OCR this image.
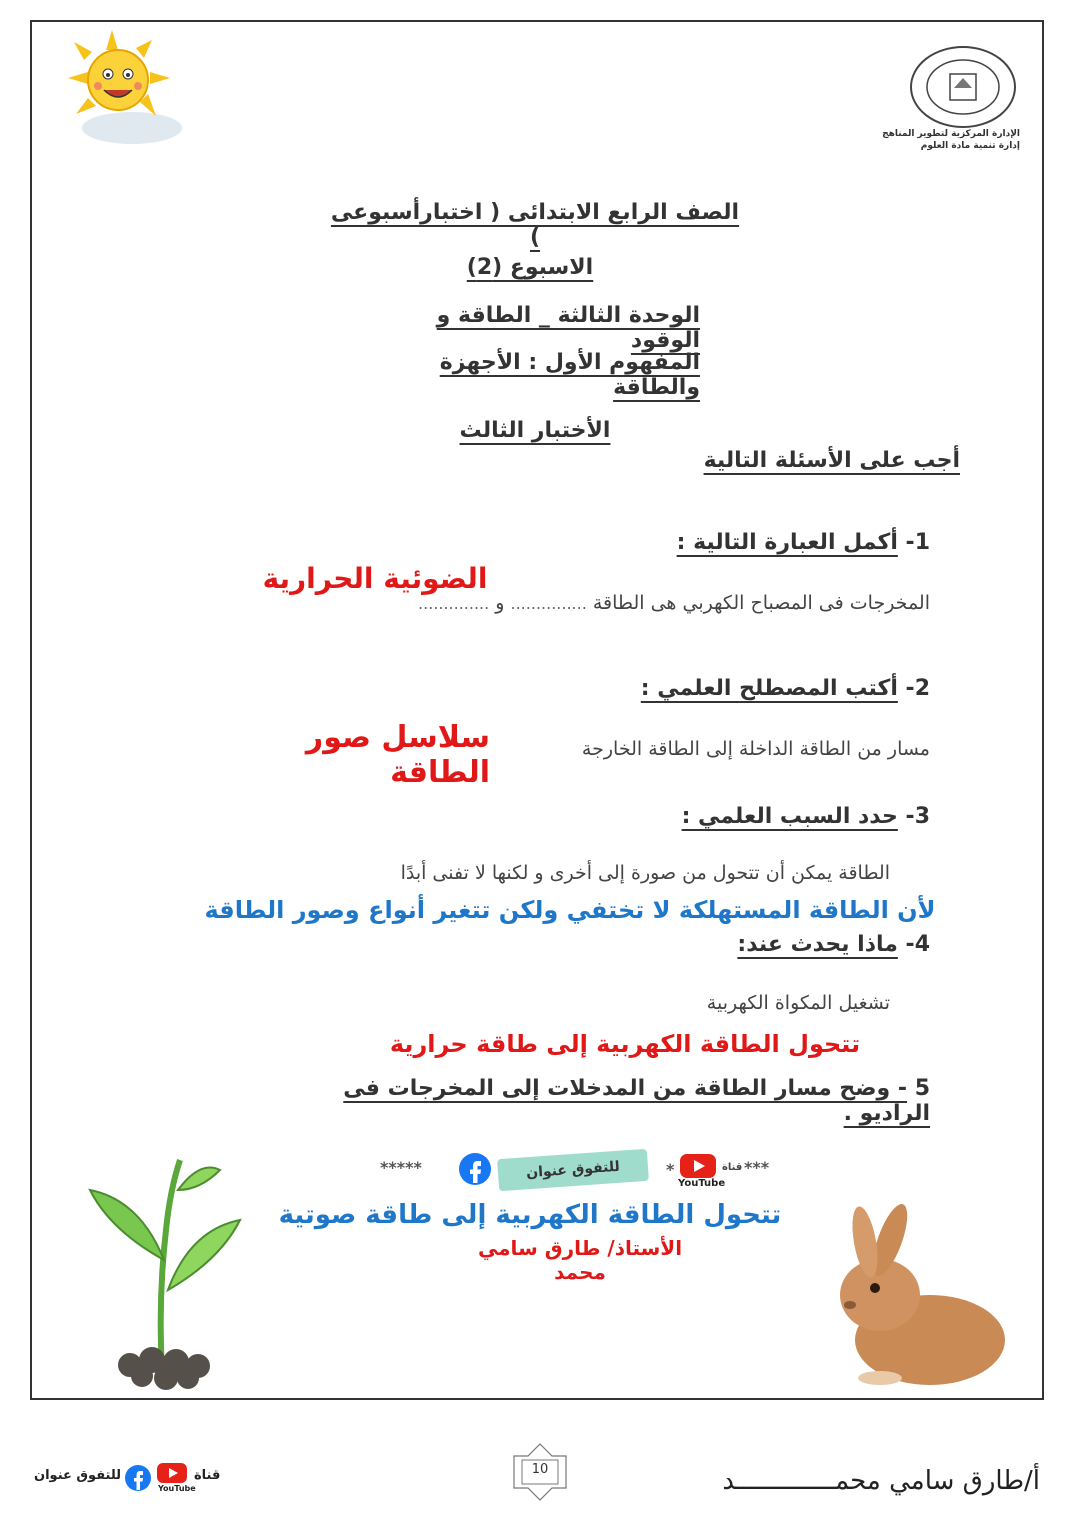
الإدارة المركزية لتطوير المناهج
إدارة تنمية مادة العلوم
الصف الرابع الابتدائى ( اختبارأسبوعى )
الاسبوع (2)
الوحدة الثالثة _ الطاقة و الوقود
المفهوم الأول : الأجهزة والطاقة
الأختبار الثالث
أجب على الأسئلة التالية
1- أكمل العبارة التالية :
الضوئية الحرارية
المخرجات فى المصباح الكهربي هى الطاقة ............... و ..............
2- أكتب المصطلح العلمي :
مسار من الطاقة الداخلة إلى الطاقة الخارجة
سلاسل صور الطاقة
3- حدد السبب العلمي :
الطاقة يمكن أن تتحول من صورة إلى أخرى و لكنها لا تفنى أبدًا
لأن الطاقة المستهلكة لا تختفي ولكن تتغير أنواع وصور الطاقة
4- ماذا يحدث عند:
تشغيل المكواة الكهربية
تتحول الطاقة الكهربية إلى طاقة حرارية
5 - وضح مسار الطاقة من المدخلات إلى المخرجات فى الراديو .
*****	للتفوق عنوان	*
YouTube
قناة ***
تتحول الطاقة الكهربية إلى طاقة صوتية
الأستاذ/ طارق سامي محمد
أ/طارق سامي محمـــــــــــــد
10
للتفوق عنوان
YouTube
قناة
